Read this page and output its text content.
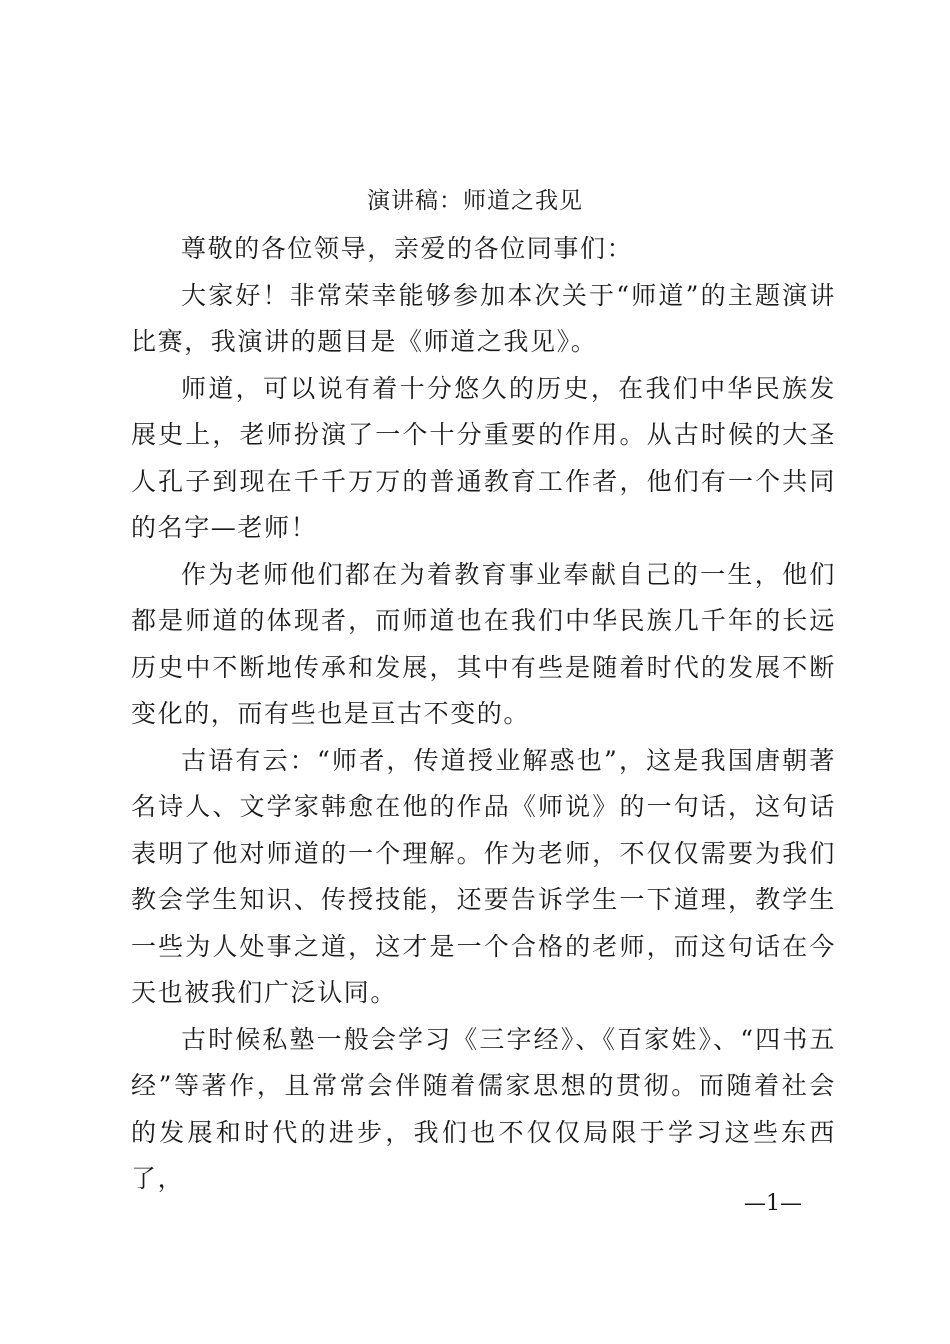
演讲稿：师道之我见

尊敬的各位领导，亲爱的各位同事们：

大家好！非常荣幸能够参加本次关于“师道”的主题演讲比赛，我演讲的题目是《师道之我见》。

师道，可以说有着十分悠久的历史，在我们中华民族发展史上，老师扮演了一个十分重要的作用。从古时候的大圣人孔子到现在千千万万的普通教育工作者，他们有一个共同的名字—老师！

作为老师他们都在为着教育事业奉献自己的一生，他们都是师道的体现者，而师道也在我们中华民族几千年的长远历史中不断地传承和发展，其中有些是随着时代的发展不断变化的，而有些也是亘古不变的。

古语有云：“师者，传道授业解惑也”，这是我国唐朝著名诗人、文学家韩愈在他的作品《师说》的一句话，这句话表明了他对师道的一个理解。作为老师，不仅仅需要为我们教会学生知识、传授技能，还要告诉学生一下道理，教学生一些为人处事之道，这才是一个合格的老师，而这句话在今天也被我们广泛认同。

古时候私塾一般会学习《三字经》、《百家姓》、“四书五经”等著作，且常常会伴随着儒家思想的贯彻。而随着社会的发展和时代的进步，我们也不仅仅局限于学习这些东西了，

—1—
